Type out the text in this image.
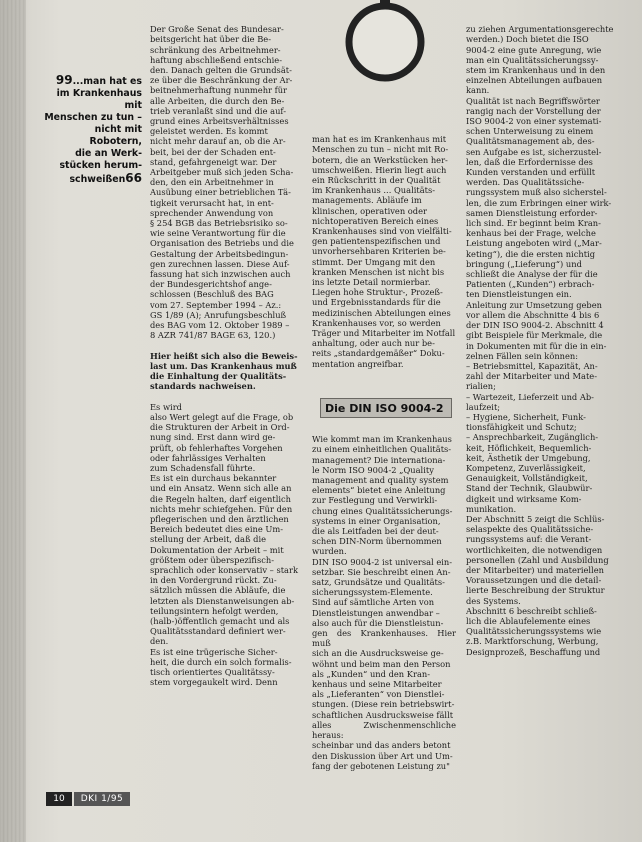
99...man hat es
im Krankenhaus mit
Menschen zu tun –
nicht mit Robotern,
die an Werk-
stücken herum-
schweißen66

Der Große Senat des Bundesar-
beitsgericht hat über die Be-
schränkung des Arbeitnehmer-
haftung abschließend entschie-
den. Danach gelten die Grundsät-
ze über die Beschränkung der Ar-
beitnehmerhaftung nunmehr für
alle Arbeiten, die durch den Be-
trieb veranlaßt sind und die auf-
grund eines Arbeitsverhältnisses
geleistet werden. Es kommt
nicht mehr darauf an, ob die Ar-
beit, bei der der Schaden ent-
stand, gefahrgeneigt war. Der
Arbeitgeber muß sich jeden Scha-
den, den ein Arbeitnehmer in
Ausübung einer betrieblichen Tä-
tigkeit verursacht hat, in ent-
sprechender Anwendung von
§ 254 BGB das Betriebsrisiko so-
wie seine Verantwortung für die
Organisation des Betriebs und die
Gestaltung der Arbeitsbedingun-
gen zurechnen lassen. Diese Auf-
fassung hat sich inzwischen auch
der Bundesgerichtshof ange-
schlossen (Beschluß des BAG
vom 27. September 1994 – Az.:
GS 1/89 (A); Anrufungsbeschluß
des BAG vom 12. Oktober 1989 –
8 AZR 741/87 BAGE 63, 120.)

Hier heißt sich also die Beweis-
last um. Das Krankenhaus muß
die Einhaltung der Qualitäts-
standards nachweisen.

Es wird
also Wert gelegt auf die Frage, ob
die Strukturen der Arbeit in Ord-
nung sind. Erst dann wird ge-
prüft, ob fehlerhaftes Vorgehen
oder fahrlässiges Verhalten
zum Schadensfall führte.
Es ist ein durchaus bekannter
und ein Ansatz. Wenn sich alle an
die Regeln halten, darf eigentlich
nichts mehr schiefgehen. Für den
pflegerischen und den ärztlichen
Bereich bedeutet dies eine Um-
stellung der Arbeit, daß die
Dokumentation der Arbeit – mit
größtem oder überspezifisch-
sprachlich oder konservativ – stark
in den Vordergrund rückt. Zu-
sätzlich müssen die Abläufe, die
letzten als Dienstanweisungen ab-
teilungsintern hefolgt werden,
(halb-)öffentlich gemacht und als
Qualitätsstandard definiert wer-
den.
Es ist eine trügerische Sicher-
heit, die durch ein solch formalis-
tisch orientiertes Qualitätssy-
stem vorgegaukelt wird. Denn

man hat es im Krankenhaus mit
Menschen zu tun – nicht mit Ro-
botern, die an Werkstücken her-
umschweißen. Hierin liegt auch
ein Rückschritt in der Qualität
im Krankenhaus ... Qualitäts-
managements. Abläufe im
klinischen, operativen oder
nichtoperativen Bereich eines
Krankenhauses sind von vielfälti-
gen patientenspezifischen und
unvorhersehbaren Kriterien be-
stimmt. Der Umgang mit den
kranken Menschen ist nicht bis
ins letzte Detail normierbar.
Liegen hohe Struktur-, Prozeß-
und Ergebnisstandards für die
medizinischen Abteilungen eines
Krankenhauses vor, so werden
Träger und Mitarbeiter im Notfall
anhaltung, oder auch nur be-
reits „standardgemäßer“ Doku-
mentation angreifbar.

Die DIN ISO 9004-2

Wie kommt man im Krankenhaus
zu einem einheitlichen Qualitäts-
management? Die internationa-
le Norm ISO 9004-2 „Quality
management and quality system
elements“ bietet eine Anleitung
zur Festlegung und Verwirkli-
chung eines Qualitätssicherungs-
systems in einer Organisation,
die als Leitfaden bei der deut-
schen DIN-Norm übernommen
wurden.
DIN ISO 9004-2 ist universal ein-
setzbar. Sie beschreibt einen An-
satz, Grundsätze und Qualitäts-
sicherungssystem-Elemente.
Sind auf sämtliche Arten von
Dienstleistungen anwendbar –
also auch für die Dienstleistun-
gen des Krankenhauses. Hier muß
sich an die Ausdrucksweise ge-
wöhnt und beim man den Person
als „Kunden“ und den Kran-
kenhaus und seine Mitarbeiter
als „Lieferanten“ von Dienstlei-
stungen. (Diese rein betriebswirt-
schaftlichen Ausdrucksweise fällt
alles Zwischenmenschliche heraus:
scheinbar und das anders betont
den Diskussion über Art und Um-
fang der gebotenen Leistung zu"

zu ziehen Argumentationsgerechte
werden.) Doch bietet die ISO
9004-2 eine gute Anregung, wie
man ein Qualitätssicherungssy-
stem im Krankenhaus und in den
einzelnen Abteilungen aufbauen
kann.
Qualität ist nach Begriffswörter
rangig nach der Vorstellung der
ISO 9004-2 von einer systemati-
schen Unterweisung zu einem
Qualitätsmanagement ab, des-
sen Aufgabe es ist, sicherzustel-
len, daß die Erfordernisse des
Kunden verstanden und erfüllt
werden. Das Qualitätssiche-
rungssystem muß also sicherstel-
len, die zum Erbringen einer wirk-
samen Dienstleistung erforder-
lich sind. Er beginnt beim Kran-
kenhaus bei der Frage, welche
Leistung angeboten wird („Mar-
keting“), die die ersten nichtig
bringung („Lieferung“) und
schließt die Analyse der für die
Patienten („Kunden“) erbrach-
ten Dienstleistungen ein.
Anleitung zur Umsetzung geben
vor allem die Abschnitte 4 bis 6
der DIN ISO 9004-2. Abschnitt 4
gibt Beispiele für Merkmale, die
in Dokumenten mit für die in ein-
zelnen Fällen sein können:
– Betriebsmittel, Kapazität, An-
zahl der Mitarbeiter und Mate-
rialien;
– Wartezeit, Lieferzeit und Ab-
laufzeit;
– Hygiene, Sicherheit, Funk-
tionsfähigkeit und Schutz;
– Ansprechbarkeit, Zugänglich-
keit, Höflichkeit, Bequemlich-
keit, Ästhetik der Umgebung,
Kompetenz, Zuverlässigkeit,
Genauigkeit, Vollständigkeit,
Stand der Technik, Glaubwür-
digkeit und wirksame Kom-
munikation.
Der Abschnitt 5 zeigt die Schlüs-
selaspekte des Qualitätssiche-
rungssystems auf: die Verant-
wortlichkeiten, die notwendigen
personellen (Zahl und Ausbildung
der Mitarbeiter) und materiellen
Voraussetzungen und die detail-
lierte Beschreibung der Struktur
des Systems.
Abschnitt 6 beschreibt schließ-
lich die Ablaufelemente eines
Qualitätssicherungssystems wie
z.B. Marktforschung, Werbung,
Designprozeß, Beschaffung und

10	DKI 1/95
